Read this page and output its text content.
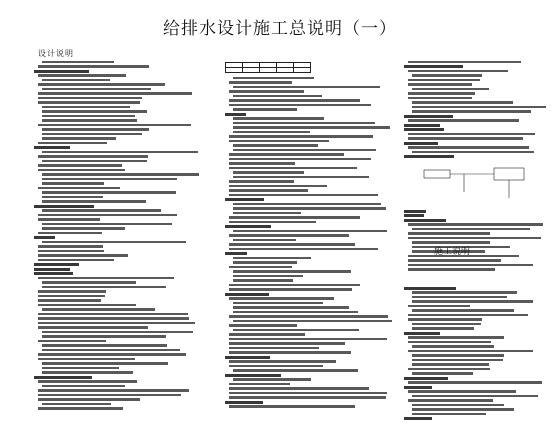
给排水设计施工总说明（一）
设计说明

施工说明
